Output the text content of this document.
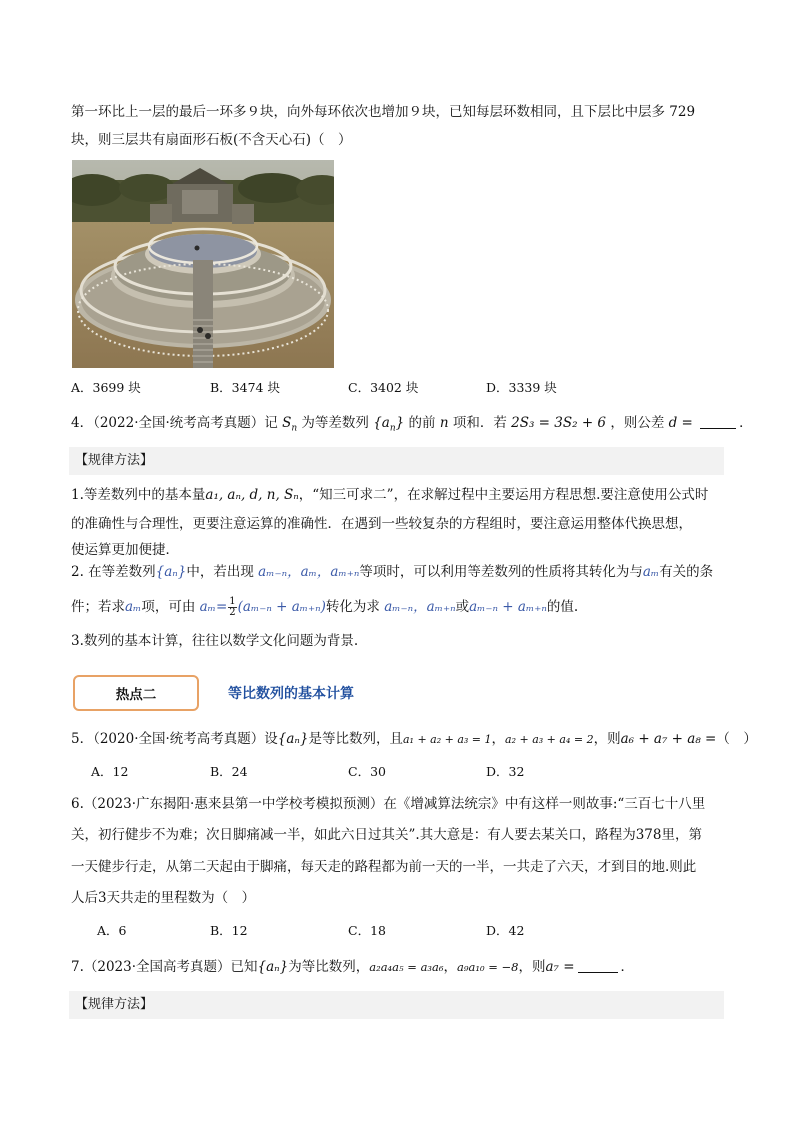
第一环比上一层的最后一环多９块，向外每环依次也增加９块，已知每层环数相同，且下层比中层多 729
块，则三层共有扇面形石板(不含天心石)（　）
A．3699 块	B．3474 块	C．3402 块	D．3339 块
4．（2022·全国·统考高考真题）记 $S_n$ 为等差数列 $\{a_n\}$ 的前 n 项和．若 2S₃ = 3S₂ + 6 ，则公差 d =	．
【规律方法】
1.等差数列中的基本量a₁, aₙ, d, n, Sₙ，“知三可求二”，在求解过程中主要运用方程思想.要注意使用公式时
的准确性与合理性，更要注意运算的准确性．在遇到一些较复杂的方程组时，要注意运用整体代换思想，
使运算更加便捷．
2. 在等差数列{aₙ}中，若出现 aₘ₋ₙ，aₘ，aₘ₊ₙ等项时，可以利用等差数列的性质将其转化为与aₘ有关的条
件；若求aₘ项，可由 $a_m= \frac{1}{2} (a_{m-n} + a_{m+n})$转化为求 aₘ₋ₙ，aₘ₊ₙ或aₘ₋ₙ + aₘ₊ₙ的值.
3.数列的基本计算，往往以数学文化问题为背景.
热点二	等比数列的基本计算
5．（2020·全国·统考高考真题）设{aₙ}是等比数列，且a₁ + a₂ + a₃ = 1，a₂ + a₃ + a₄ = 2，则a₆ + a₇ + a₈ =（　）
A．12	B．24	C．30	D．32
6.（2023·广东揭阳·惠来县第一中学校考模拟预测）在《增减算法统宗》中有这样一则故事:“三百七十八里
关，初行健步不为难；次日脚痛减一半，如此六日过其关”.其大意是：有人要去某关口，路程为378里，第
一天健步行走，从第二天起由于脚痛，每天走的路程都为前一天的一半，一共走了六天，才到目的地.则此
人后3天共走的里程数为（　）
A．6	B．12	C．18	D．42
7.（2023·全国高考真题）已知{aₙ}为等比数列，a₂a₄a₅ = a₃a₆，a₉a₁₀ = −8，则a₇ =	．
【规律方法】
